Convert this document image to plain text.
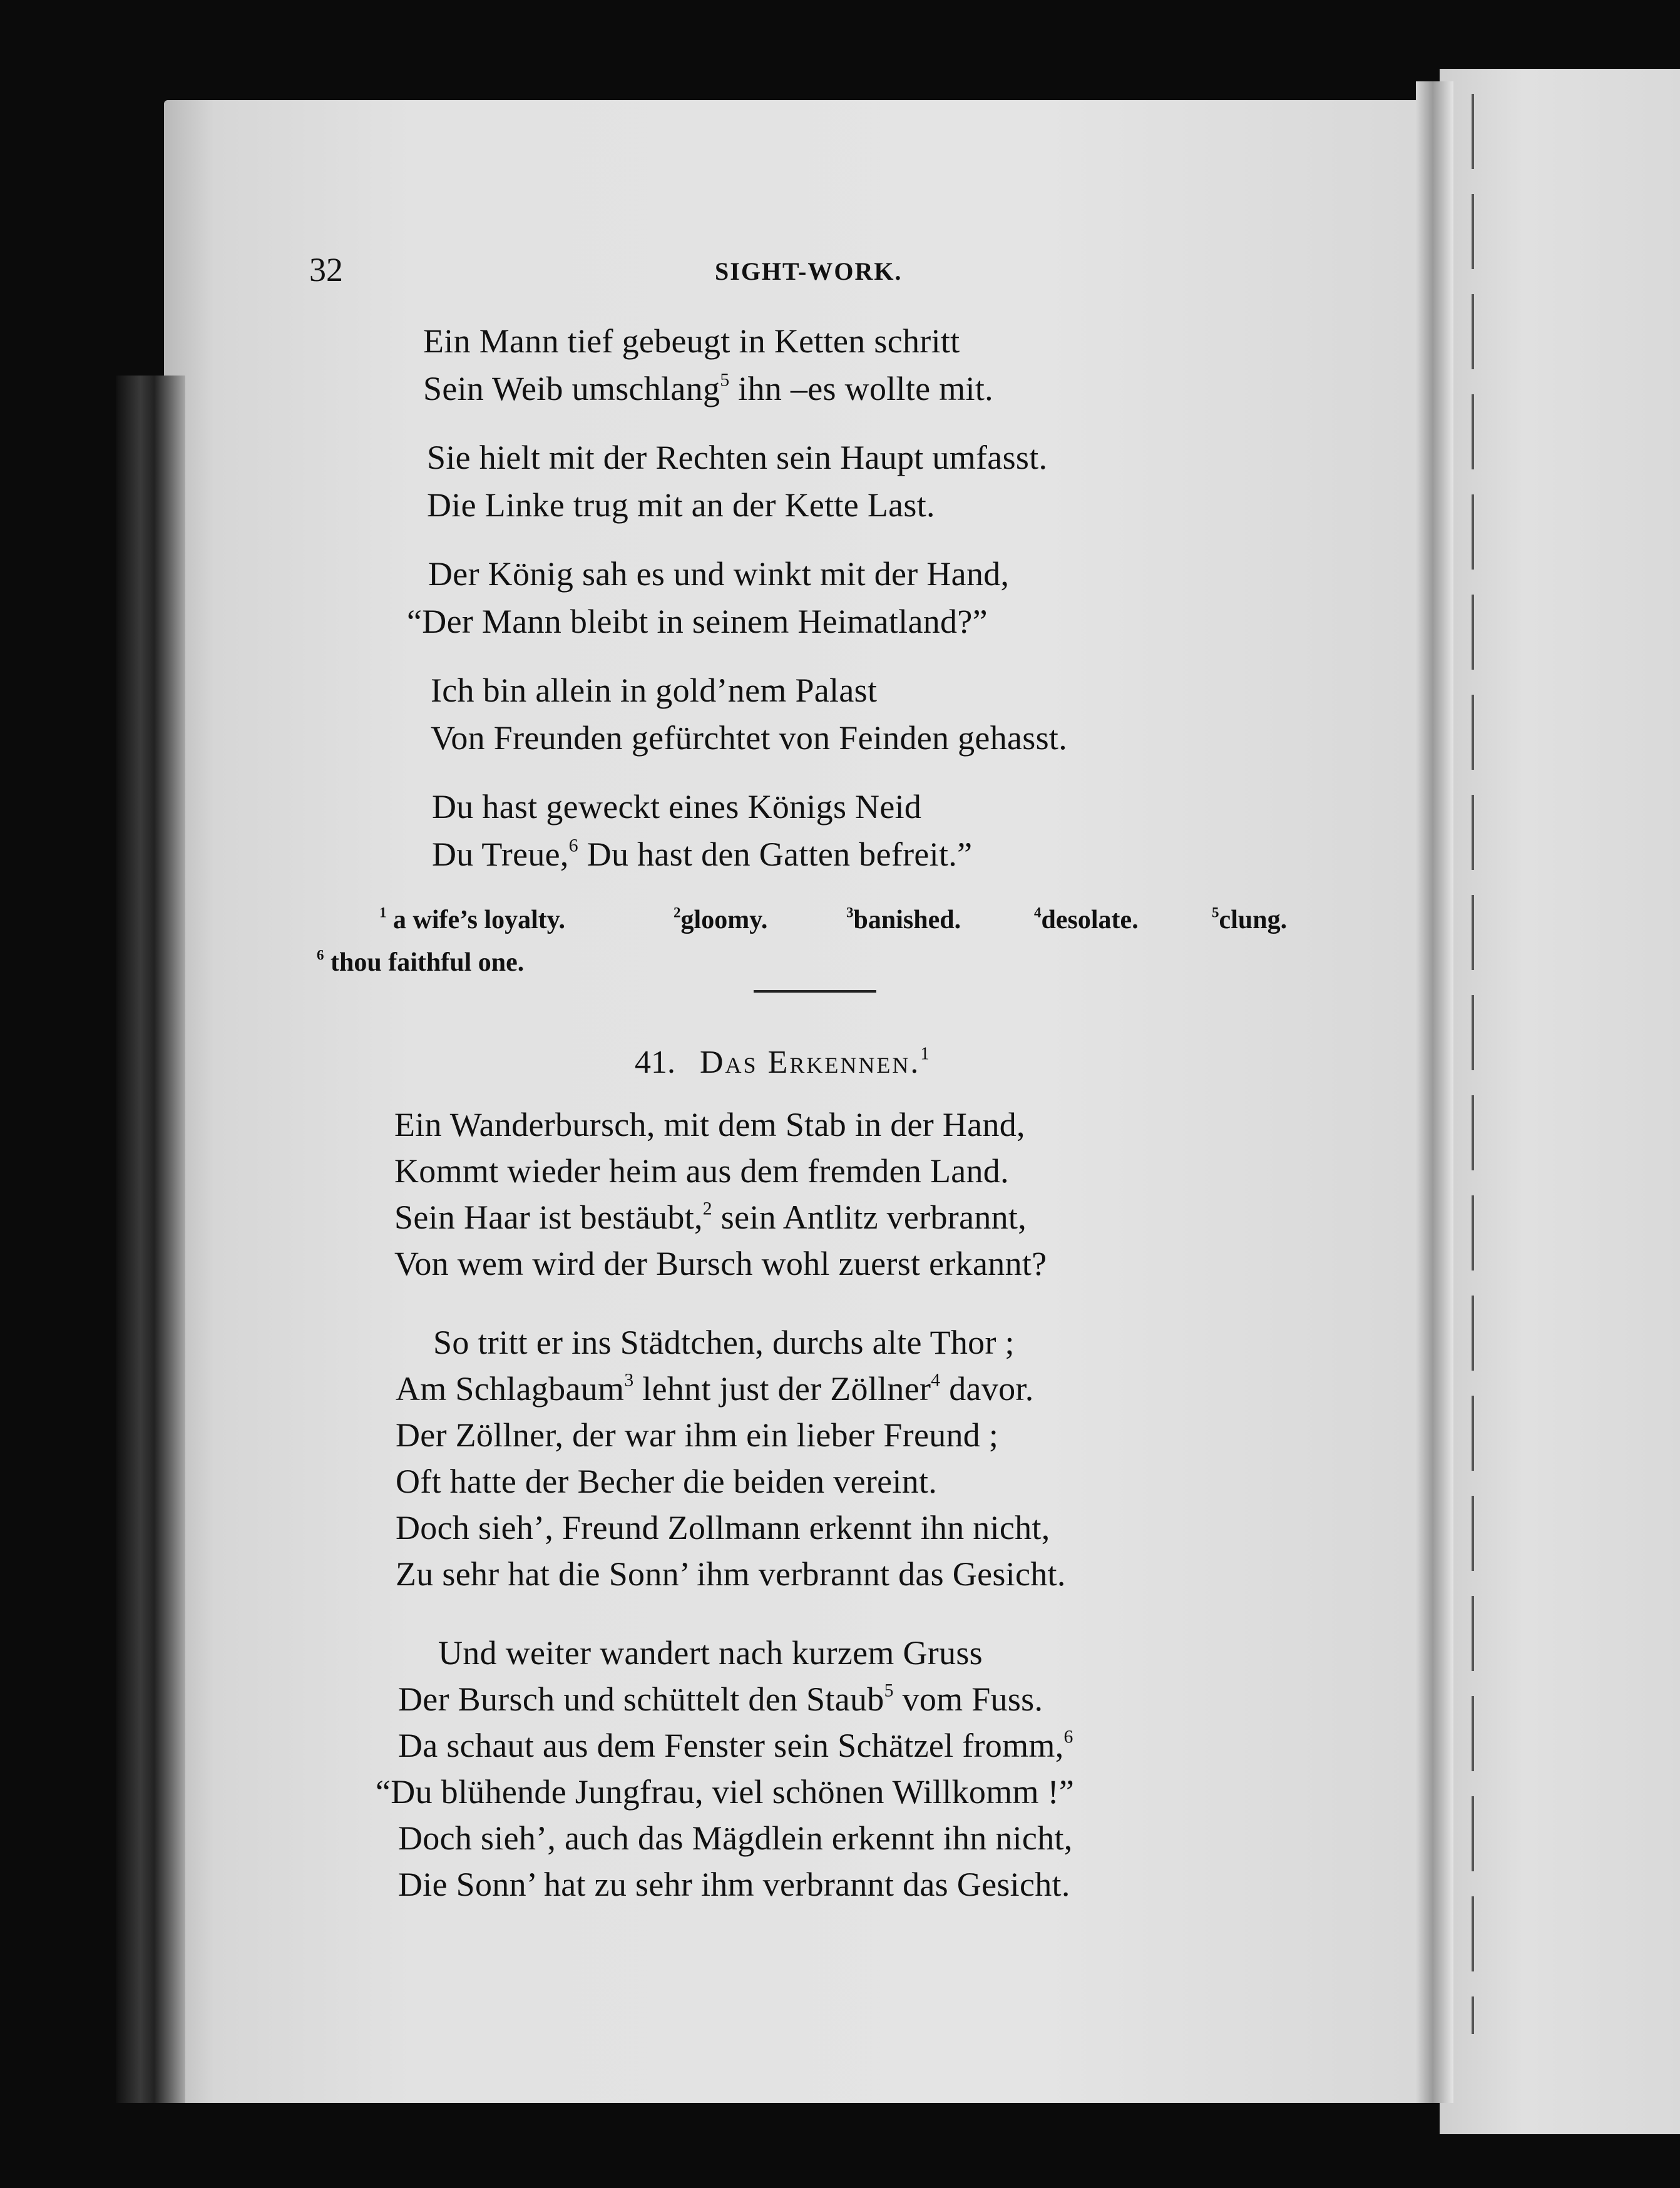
32	SIGHT-WORK.
Ein Mann tief gebeugt in Ketten schritt
Sein Weib umschlang$^5$ ihn –es wollte mit.
Sie hielt mit der Rechten sein Haupt umfasst.
Die Linke trug mit an der Kette Last.
Der König sah es und winkt mit der Hand,
“Der Mann bleibt in seinem Heimatland?”
Ich bin allein in gold’nem Palast
Von Freunden gefürchtet von Feinden gehasst.
Du hast geweckt eines Königs Neid
Du Treue,$^6$ Du hast den Gatten befreit.”
$^1$ a wife’s loyalty.	$^2$gloomy.	$^3$banished.	$^4$desolate.	$^5$clung.
$^6$ thou faithful one.
41. Das Erkennen.$^1$
Ein Wanderbursch, mit dem Stab in der Hand,
Kommt wieder heim aus dem fremden Land.
Sein Haar ist bestäubt,$^2$ sein Antlitz verbrannt,
Von wem wird der Bursch wohl zuerst erkannt?
So tritt er ins Städtchen, durchs alte Thor ;
Am Schlagbaum$^3$ lehnt just der Zöllner$^4$ davor.
Der Zöllner, der war ihm ein lieber Freund ;
Oft hatte der Becher die beiden vereint.
Doch sieh’, Freund Zollmann erkennt ihn nicht,
Zu sehr hat die Sonn’ ihm verbrannt das Gesicht.
Und weiter wandert nach kurzem Gruss
Der Bursch und schüttelt den Staub$^5$ vom Fuss.
Da schaut aus dem Fenster sein Schätzel fromm,$^6$
“Du blühende Jungfrau, viel schönen Willkomm !”
Doch sieh’, auch das Mägdlein erkennt ihn nicht,
Die Sonn’ hat zu sehr ihm verbrannt das Gesicht.
